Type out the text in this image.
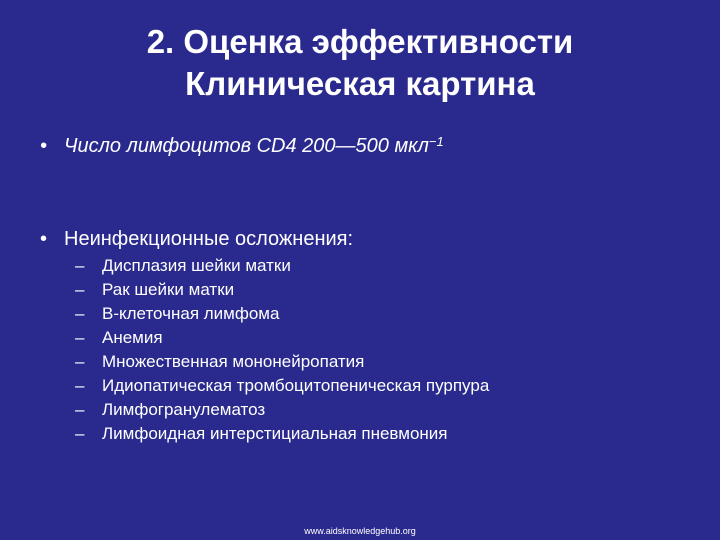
2. Оценка эффективности
Клиническая картина
• Число лимфоцитов CD4 200—500 мкл$^{-1}$
• Неинфекционные осложнения:
– Дисплазия шейки матки
– Рак шейки матки
– B-клеточная лимфома
– Анемия
– Множественная мононейропатия
– Идиопатическая тромбоцитопеническая пурпура
– Лимфогранулематоз
– Лимфоидная интерстициальная пневмония
www.aidsknowledgehub.org
